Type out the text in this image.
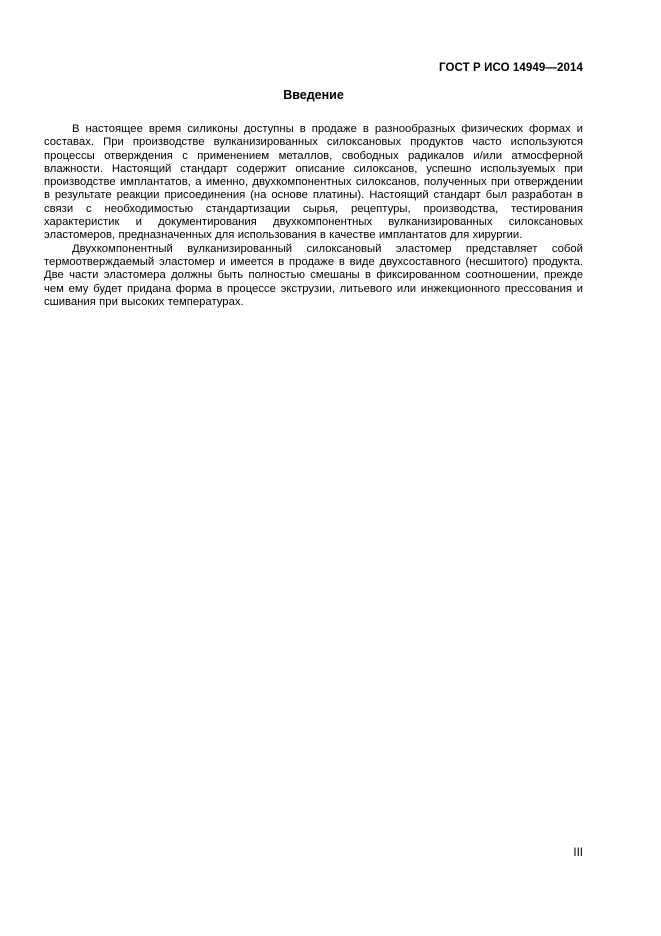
ГОСТ Р ИСО 14949—2014
Введение

В настоящее время силиконы доступны в продаже в разнообразных физических формах и составах. При производстве вулканизированных силоксановых продуктов часто используются процессы отверждения с применением металлов, свободных радикалов и/или атмосферной влажности. Настоящий стандарт содержит описание силоксанов, успешно используемых при производстве имплантатов, а именно, двухкомпонентных силоксанов, полученных при отверждении в результате реакции присоединения (на основе платины). Настоящий стандарт был разработан в связи с необходимостью стандартизации сырья, рецептуры, производства, тестирования характеристик и документирования двухкомпонентных вулканизированных силоксановых эластомеров, предназначенных для использования в качестве имплантатов для хирургии.

Двухкомпонентный вулканизированный силоксановый эластомер представляет собой термоотверждаемый эластомер и имеется в продаже в виде двухсоставного (несшитого) продукта. Две части эластомера должны быть полностью смешаны в фиксированном соотношении, прежде чем ему будет придана форма в процессе экструзии, литьевого или инжекционного прессования и сшивания при высоких температурах.

III
